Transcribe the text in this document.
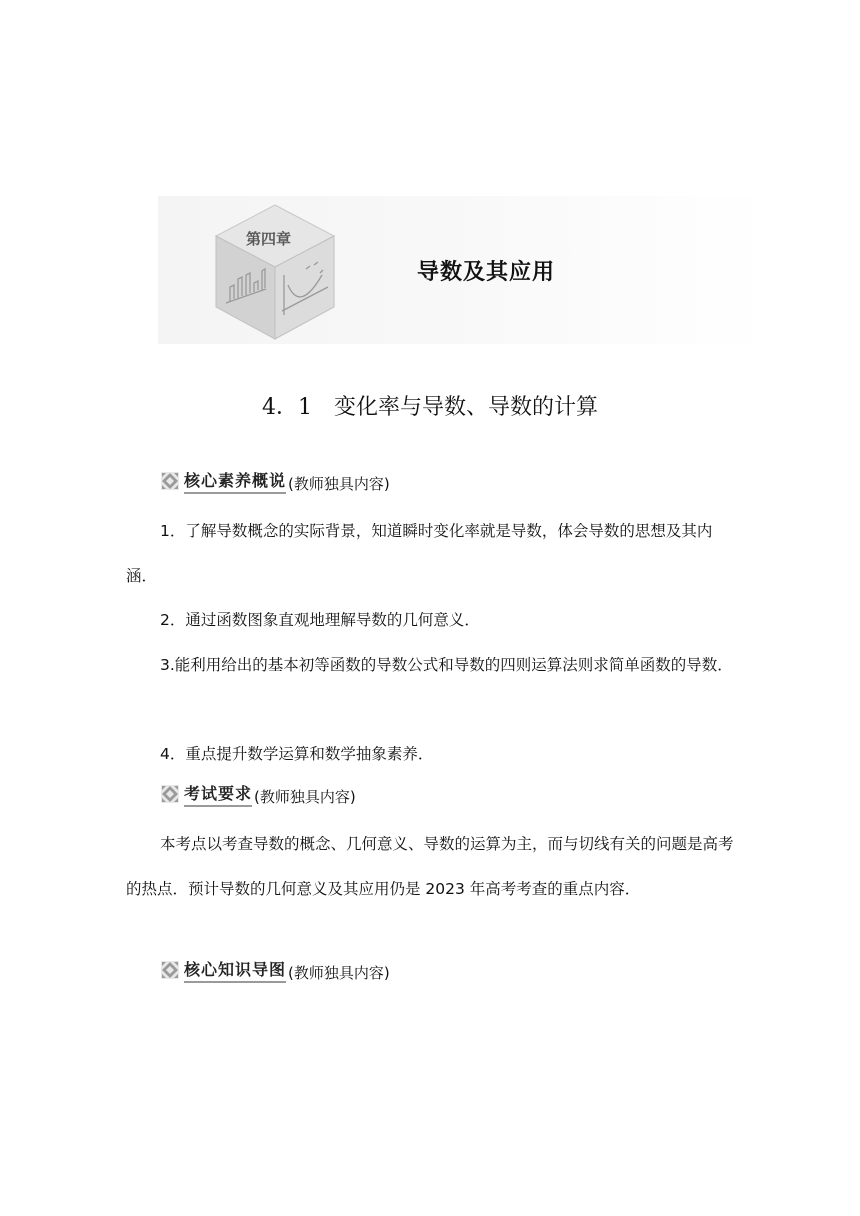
第四章
导数及其应用
4．1 变化率与导数、导数的计算
核心素养概说 (教师独具内容)
1．了解导数概念的实际背景，知道瞬时变化率就是导数，体会导数的思想及其内涵．
2．通过函数图象直观地理解导数的几何意义．
3.能利用给出的基本初等函数的导数公式和导数的四则运算法则求简单函数的导数．
4．重点提升数学运算和数学抽象素养．
考试要求 (教师独具内容)
本考点以考查导数的概念、几何意义、导数的运算为主，而与切线有关的问题是高考的热点．预计导数的几何意义及其应用仍是 2023 年高考考查的重点内容．
核心知识导图 (教师独具内容)
